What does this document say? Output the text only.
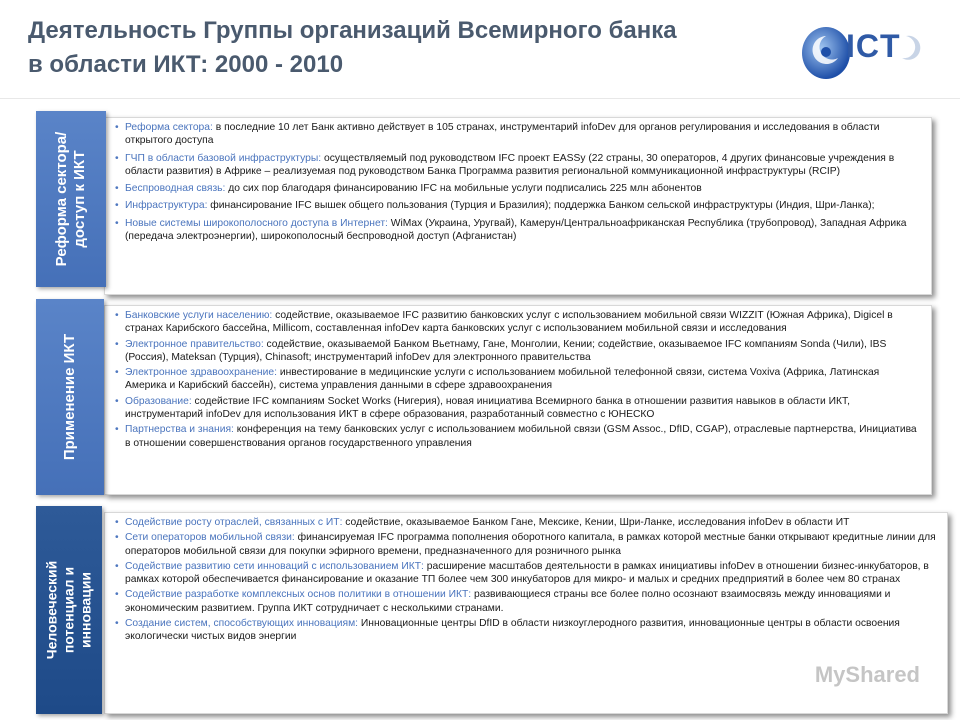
Деятельность Группы организаций Всемирного банка
в области ИКТ: 2000 - 2010
ICT
• Реформа сектора: в последние 10 лет Банк активно действует в 105 странах, инструментарий infoDev для органов регулирования и исследования в области открытого доступа
• ГЧП в области базовой инфраструктуры: осуществляемый под руководством IFC проект EASSy (22 страны, 30 операторов, 4 других финансовые учреждения в области развития) в Африке – реализуемая под руководством Банка Программа развития региональной коммуникационной инфраструктуры (RCIP)
• Беспроводная связь: до сих пор благодаря финансированию IFC на мобильные услуги подписались 225 млн абонентов
• Инфраструктура: финансирование IFC вышек общего пользования (Турция и Бразилия); поддержка Банком сельской инфраструктуры (Индия, Шри-Ланка);
• Новые системы широкополосного доступа в Интернет: WiMax (Украина, Уругвай), Камерун/Центральноафриканская Республика (трубопровод), Западная Африка (передача электроэнергии), широкополосный беспроводной доступ (Афганистан)
Реформа сектора/ доступ к ИКТ
• Банковские услуги населению: содействие, оказываемое IFC развитию банковских услуг с использованием мобильной связи WIZZIT (Южная Африка), Digicel в странах Карибского бассейна, Millicom, составленная infoDev карта банковских услуг с использованием мобильной связи и исследования
• Электронное правительство: содействие, оказываемой Банком Вьетнаму, Гане, Монголии, Кении; содействие, оказываемое IFC компаниям Sonda (Чили), IBS (Россия), Mateksan (Турция), Chinasoft; инструментарий infoDev для электронного правительства
• Электронное здравоохранение: инвестирование в медицинские услуги с использованием мобильной телефонной связи, система Voxiva (Африка, Латинская Америка и Карибский бассейн), система управления данными в сфере здравоохранения
• Образование: содействие IFC компаниям Socket Works (Нигерия), новая инициатива Всемирного банка в отношении развития навыков в области ИКТ, инструментарий infoDev для использования ИКТ в сфере образования, разработанный совместно с ЮНЕСКО
• Партнерства и знания: конференция на тему банковских услуг с использованием мобильной связи (GSM Assoc., DfID, CGAP), отраслевые партнерства, Инициатива в отношении совершенствования органов государственного управления
Применение ИКТ
• Содействие росту отраслей, связанных с ИТ: содействие, оказываемое Банком Гане, Мексике, Кении, Шри-Ланке, исследования infoDev в области ИТ
• Сети операторов мобильной связи: финансируемая IFC программа пополнения оборотного капитала, в рамках которой местные банки открывают кредитные линии для операторов мобильной связи для покупки эфирного времени, предназначенного для розничного рынка
• Содействие развитию сети инноваций с использованием ИКТ: расширение масштабов деятельности в рамках инициативы infoDev в отношении бизнес-инкубаторов, в рамках которой обеспечивается финансирование и оказание ТП более чем 300 инкубаторов для микро- и малых и средних предприятий в более чем 80 странах
• Содействие разработке комплексных основ политики в отношении ИКТ: развивающиеся страны все более полно осознают взаимосвязь между инновациями и экономическим развитием. Группа ИКТ сотрудничает с несколькими странами.
• Создание систем, способствующих инновациям: Инновационные центры DfID в области низкоуглеродного развития, инновационные центры в области освоения экологически чистых видов энергии
Человеческий потенциал и инновации
MyShared
